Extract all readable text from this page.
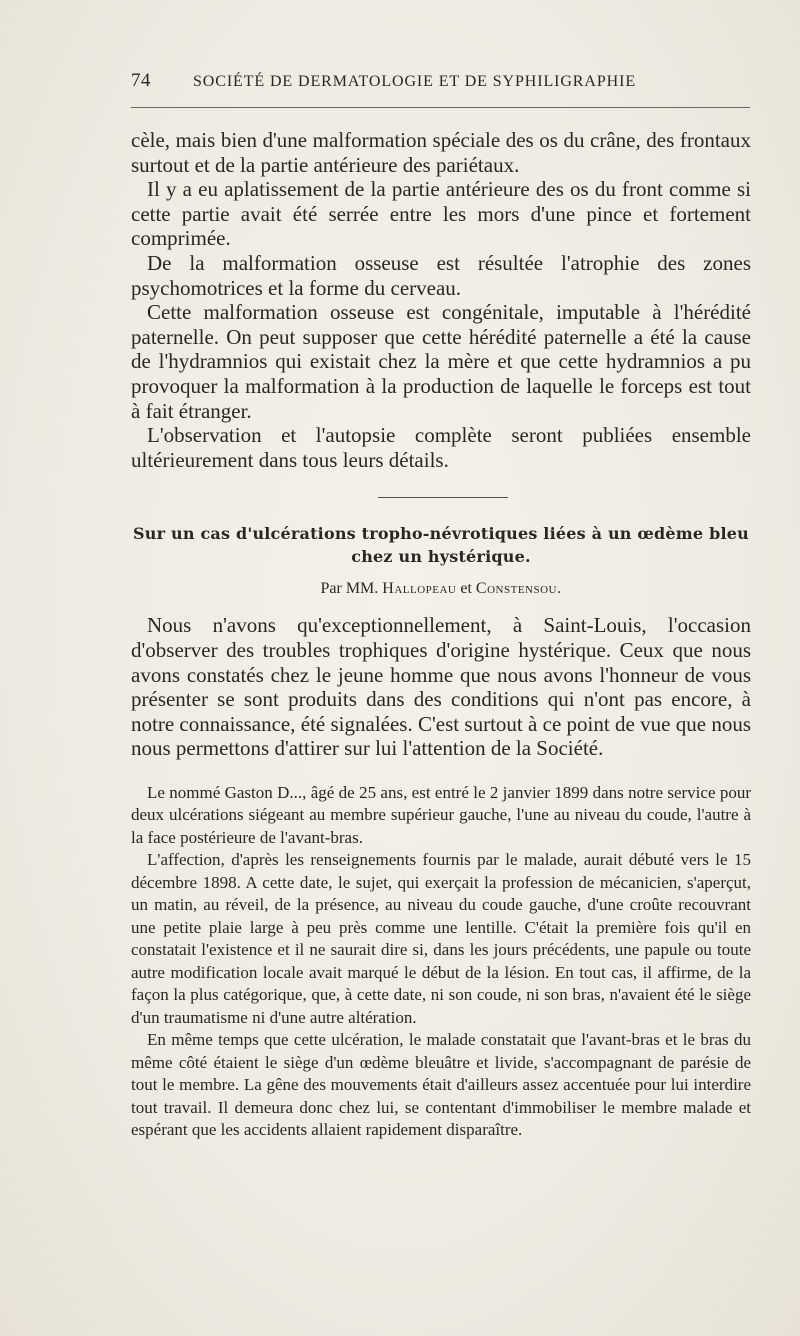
74	SOCIÉTÉ DE DERMATOLOGIE ET DE SYPHILIGRAPHIE

cèle, mais bien d'une malformation spéciale des os du crâne, des frontaux surtout et de la partie antérieure des pariétaux.

Il y a eu aplatissement de la partie antérieure des os du front comme si cette partie avait été serrée entre les mors d'une pince et fortement comprimée.

De la malformation osseuse est résultée l'atrophie des zones psychomotrices et la forme du cerveau.

Cette malformation osseuse est congénitale, imputable à l'hérédité paternelle. On peut supposer que cette hérédité paternelle a été la cause de l'hydramnios qui existait chez la mère et que cette hydramnios a pu provoquer la malformation à la production de laquelle le forceps est tout à fait étranger.

L'observation et l'autopsie complète seront publiées ensemble ultérieurement dans tous leurs détails.

Sur un cas d'ulcérations tropho-névrotiques liées à un œdème bleu chez un hystérique.

Par MM. Hallopeau et Constensou.

Nous n'avons qu'exceptionnellement, à Saint-Louis, l'occasion d'observer des troubles trophiques d'origine hystérique. Ceux que nous avons constatés chez le jeune homme que nous avons l'honneur de vous présenter se sont produits dans des conditions qui n'ont pas encore, à notre connaissance, été signalées. C'est surtout à ce point de vue que nous nous permettons d'attirer sur lui l'attention de la Société.

Le nommé Gaston D..., âgé de 25 ans, est entré le 2 janvier 1899 dans notre service pour deux ulcérations siégeant au membre supérieur gauche, l'une au niveau du coude, l'autre à la face postérieure de l'avant-bras.

L'affection, d'après les renseignements fournis par le malade, aurait débuté vers le 15 décembre 1898. A cette date, le sujet, qui exerçait la profession de mécanicien, s'aperçut, un matin, au réveil, de la présence, au niveau du coude gauche, d'une croûte recouvrant une petite plaie large à peu près comme une lentille. C'était la première fois qu'il en constatait l'existence et il ne saurait dire si, dans les jours précédents, une papule ou toute autre modification locale avait marqué le début de la lésion. En tout cas, il affirme, de la façon la plus catégorique, que, à cette date, ni son coude, ni son bras, n'avaient été le siège d'un traumatisme ni d'une autre altération.

En même temps que cette ulcération, le malade constatait que l'avant-bras et le bras du même côté étaient le siège d'un œdème bleuâtre et livide, s'accompagnant de parésie de tout le membre. La gêne des mouvements était d'ailleurs assez accentuée pour lui interdire tout travail. Il demeura donc chez lui, se contentant d'immobiliser le membre malade et espérant que les accidents allaient rapidement disparaître.
